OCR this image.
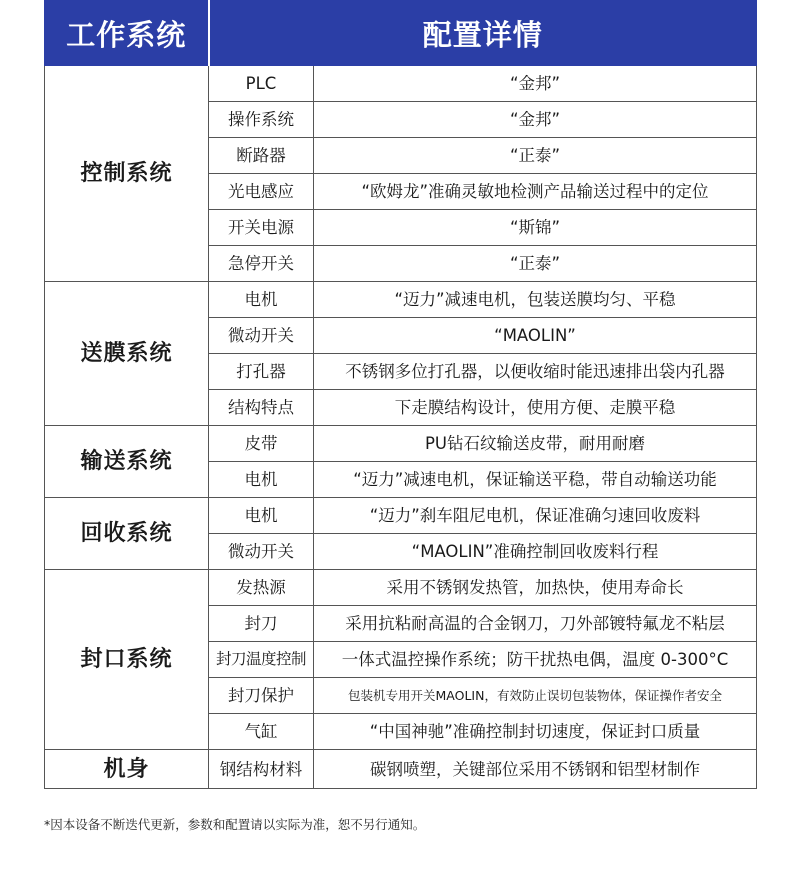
工作系统	配置详情	
控制系统	PLC	“金邦”
	操作系统	“金邦”
	断路器	“正泰”
	光电感应	“欧姆龙”准确灵敏地检测产品输送过程中的定位
	开关电源	“斯锦”
	急停开关	“正泰”
送膜系统	电机	“迈力”减速电机，包装送膜均匀、平稳
	微动开关	“MAOLIN”
	打孔器	不锈钢多位打孔器，以便收缩时能迅速排出袋内孔器
	结构特点	下走膜结构设计，使用方便、走膜平稳
输送系统	皮带	PU钻石纹输送皮带，耐用耐磨
	电机	“迈力”减速电机，保证输送平稳，带自动输送功能
回收系统	电机	“迈力”刹车阻尼电机，保证准确匀速回收废料
	微动开关	“MAOLIN”准确控制回收废料行程
封口系统	发热源	采用不锈钢发热管，加热快，使用寿命长
	封刀	采用抗粘耐高温的合金钢刀，刀外部镀特氟龙不粘层
	封刀温度控制	一体式温控操作系统；防干扰热电偶，温度 0-300°C
	封刀保护	包装机专用开关MAOLIN，有效防止误切包装物体，保证操作者安全
	气缸	“中国神驰”准确控制封切速度，保证封口质量
机身	钢结构材料	碳钢喷塑，关键部位采用不锈钢和铝型材制作
*因本设备不断迭代更新，参数和配置请以实际为准，恕不另行通知。
